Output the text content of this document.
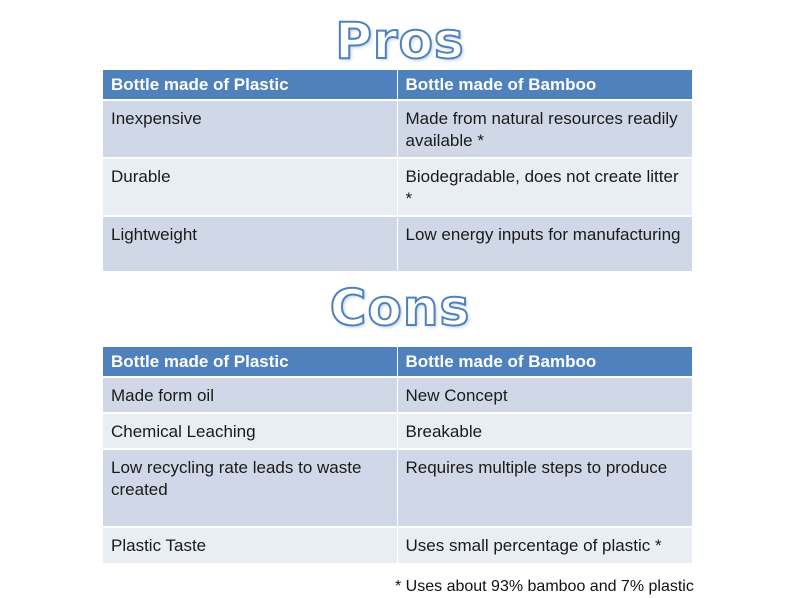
Pros
Bottle made of Plastic	Bottle made of Bamboo
Inexpensive	Made from natural resources readily available *
Durable	Biodegradable, does not create litter *
Lightweight	Low energy inputs for manufacturing
Cons
Bottle made of Plastic	Bottle made of Bamboo
Made form oil	New Concept
Chemical Leaching	Breakable
Low recycling rate leads to waste created	Requires multiple steps to produce
Plastic Taste	Uses small percentage of plastic *
* Uses about 93% bamboo and 7% plastic
